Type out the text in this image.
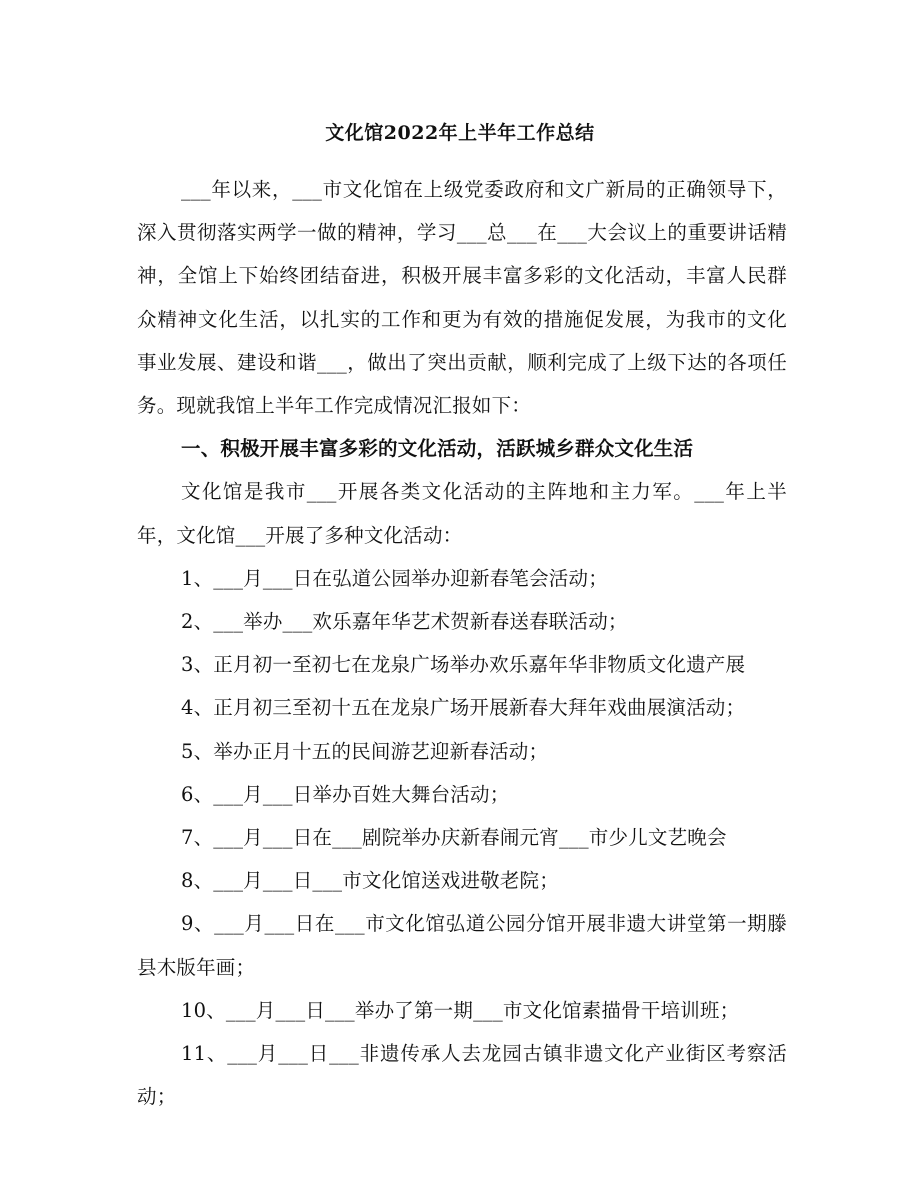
文化馆2022年上半年工作总结

___年以来，___市文化馆在上级党委政府和文广新局的正确领导下，深入贯彻落实两学一做的精神，学习___总___在___大会议上的重要讲话精神，全馆上下始终团结奋进，积极开展丰富多彩的文化活动，丰富人民群众精神文化生活，以扎实的工作和更为有效的措施促发展，为我市的文化事业发展、建设和谐___，做出了突出贡献，顺利完成了上级下达的各项任务。现就我馆上半年工作完成情况汇报如下：

一、积极开展丰富多彩的文化活动，活跃城乡群众文化生活

文化馆是我市___开展各类文化活动的主阵地和主力军。___年上半年，文化馆___开展了多种文化活动：

1、___月___日在弘道公园举办迎新春笔会活动；

2、___举办___欢乐嘉年华艺术贺新春送春联活动；

3、正月初一至初七在龙泉广场举办欢乐嘉年华非物质文化遗产展

4、正月初三至初十五在龙泉广场开展新春大拜年戏曲展演活动；

5、举办正月十五的民间游艺迎新春活动；

6、___月___日举办百姓大舞台活动；

7、___月___日在___剧院举办庆新春闹元宵___市少儿文艺晚会

8、___月___日___市文化馆送戏进敬老院；

9、___月___日在___市文化馆弘道公园分馆开展非遗大讲堂第一期滕县木版年画；

10、___月___日___举办了第一期___市文化馆素描骨干培训班；

11、___月___日___非遗传承人去龙园古镇非遗文化产业街区考察活动；
